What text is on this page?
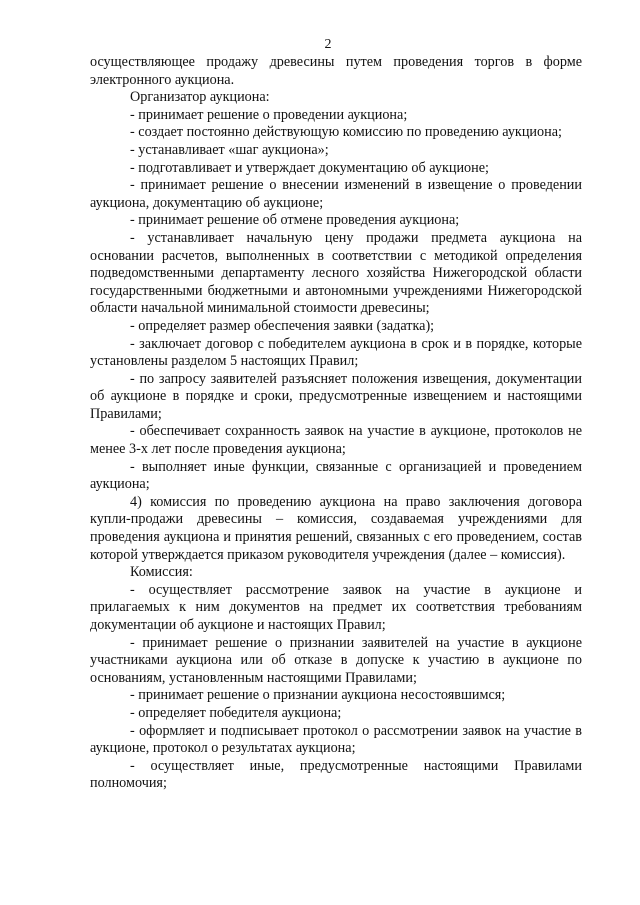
2

осуществляющее продажу древесины путем проведения торгов в форме электронного аукциона.

Организатор аукциона:

- принимает решение о проведении аукциона;

- создает постоянно действующую комиссию по проведению аукциона;

- устанавливает «шаг аукциона»;

- подготавливает и утверждает документацию об аукционе;

- принимает решение о внесении изменений в извещение о проведении аукциона, документацию об аукционе;

- принимает решение об отмене проведения аукциона;

- устанавливает начальную цену продажи предмета аукциона на основании расчетов, выполненных в соответствии с методикой определения подведомственными департаменту лесного хозяйства Нижегородской области государственными бюджетными и автономными учреждениями Нижегородской области начальной минимальной стоимости древесины;

- определяет размер обеспечения заявки (задатка);

- заключает договор с победителем аукциона в срок и в порядке, которые установлены разделом 5 настоящих Правил;

- по запросу заявителей разъясняет положения извещения, документации об аукционе в порядке и сроки, предусмотренные извещением и настоящими Правилами;

- обеспечивает сохранность заявок на участие в аукционе, протоколов не менее 3-х лет после проведения аукциона;

- выполняет иные функции, связанные с организацией и проведением аукциона;

4) комиссия по проведению аукциона на право заключения договора купли-продажи древесины – комиссия, создаваемая учреждениями для проведения аукциона и принятия решений, связанных с его проведением, состав которой утверждается приказом руководителя учреждения (далее – комиссия).

Комиссия:

- осуществляет рассмотрение заявок на участие в аукционе и прилагаемых к ним документов на предмет их соответствия требованиям документации об аукционе и настоящих Правил;

- принимает решение о признании заявителей на участие в аукционе участниками аукциона или об отказе в допуске к участию в аукционе по основаниям, установленным настоящими Правилами;

- принимает решение о признании аукциона несостоявшимся;

- определяет победителя аукциона;

- оформляет и подписывает протокол о рассмотрении заявок на участие в аукционе, протокол о результатах аукциона;

- осуществляет иные, предусмотренные настоящими Правилами полномочия;
